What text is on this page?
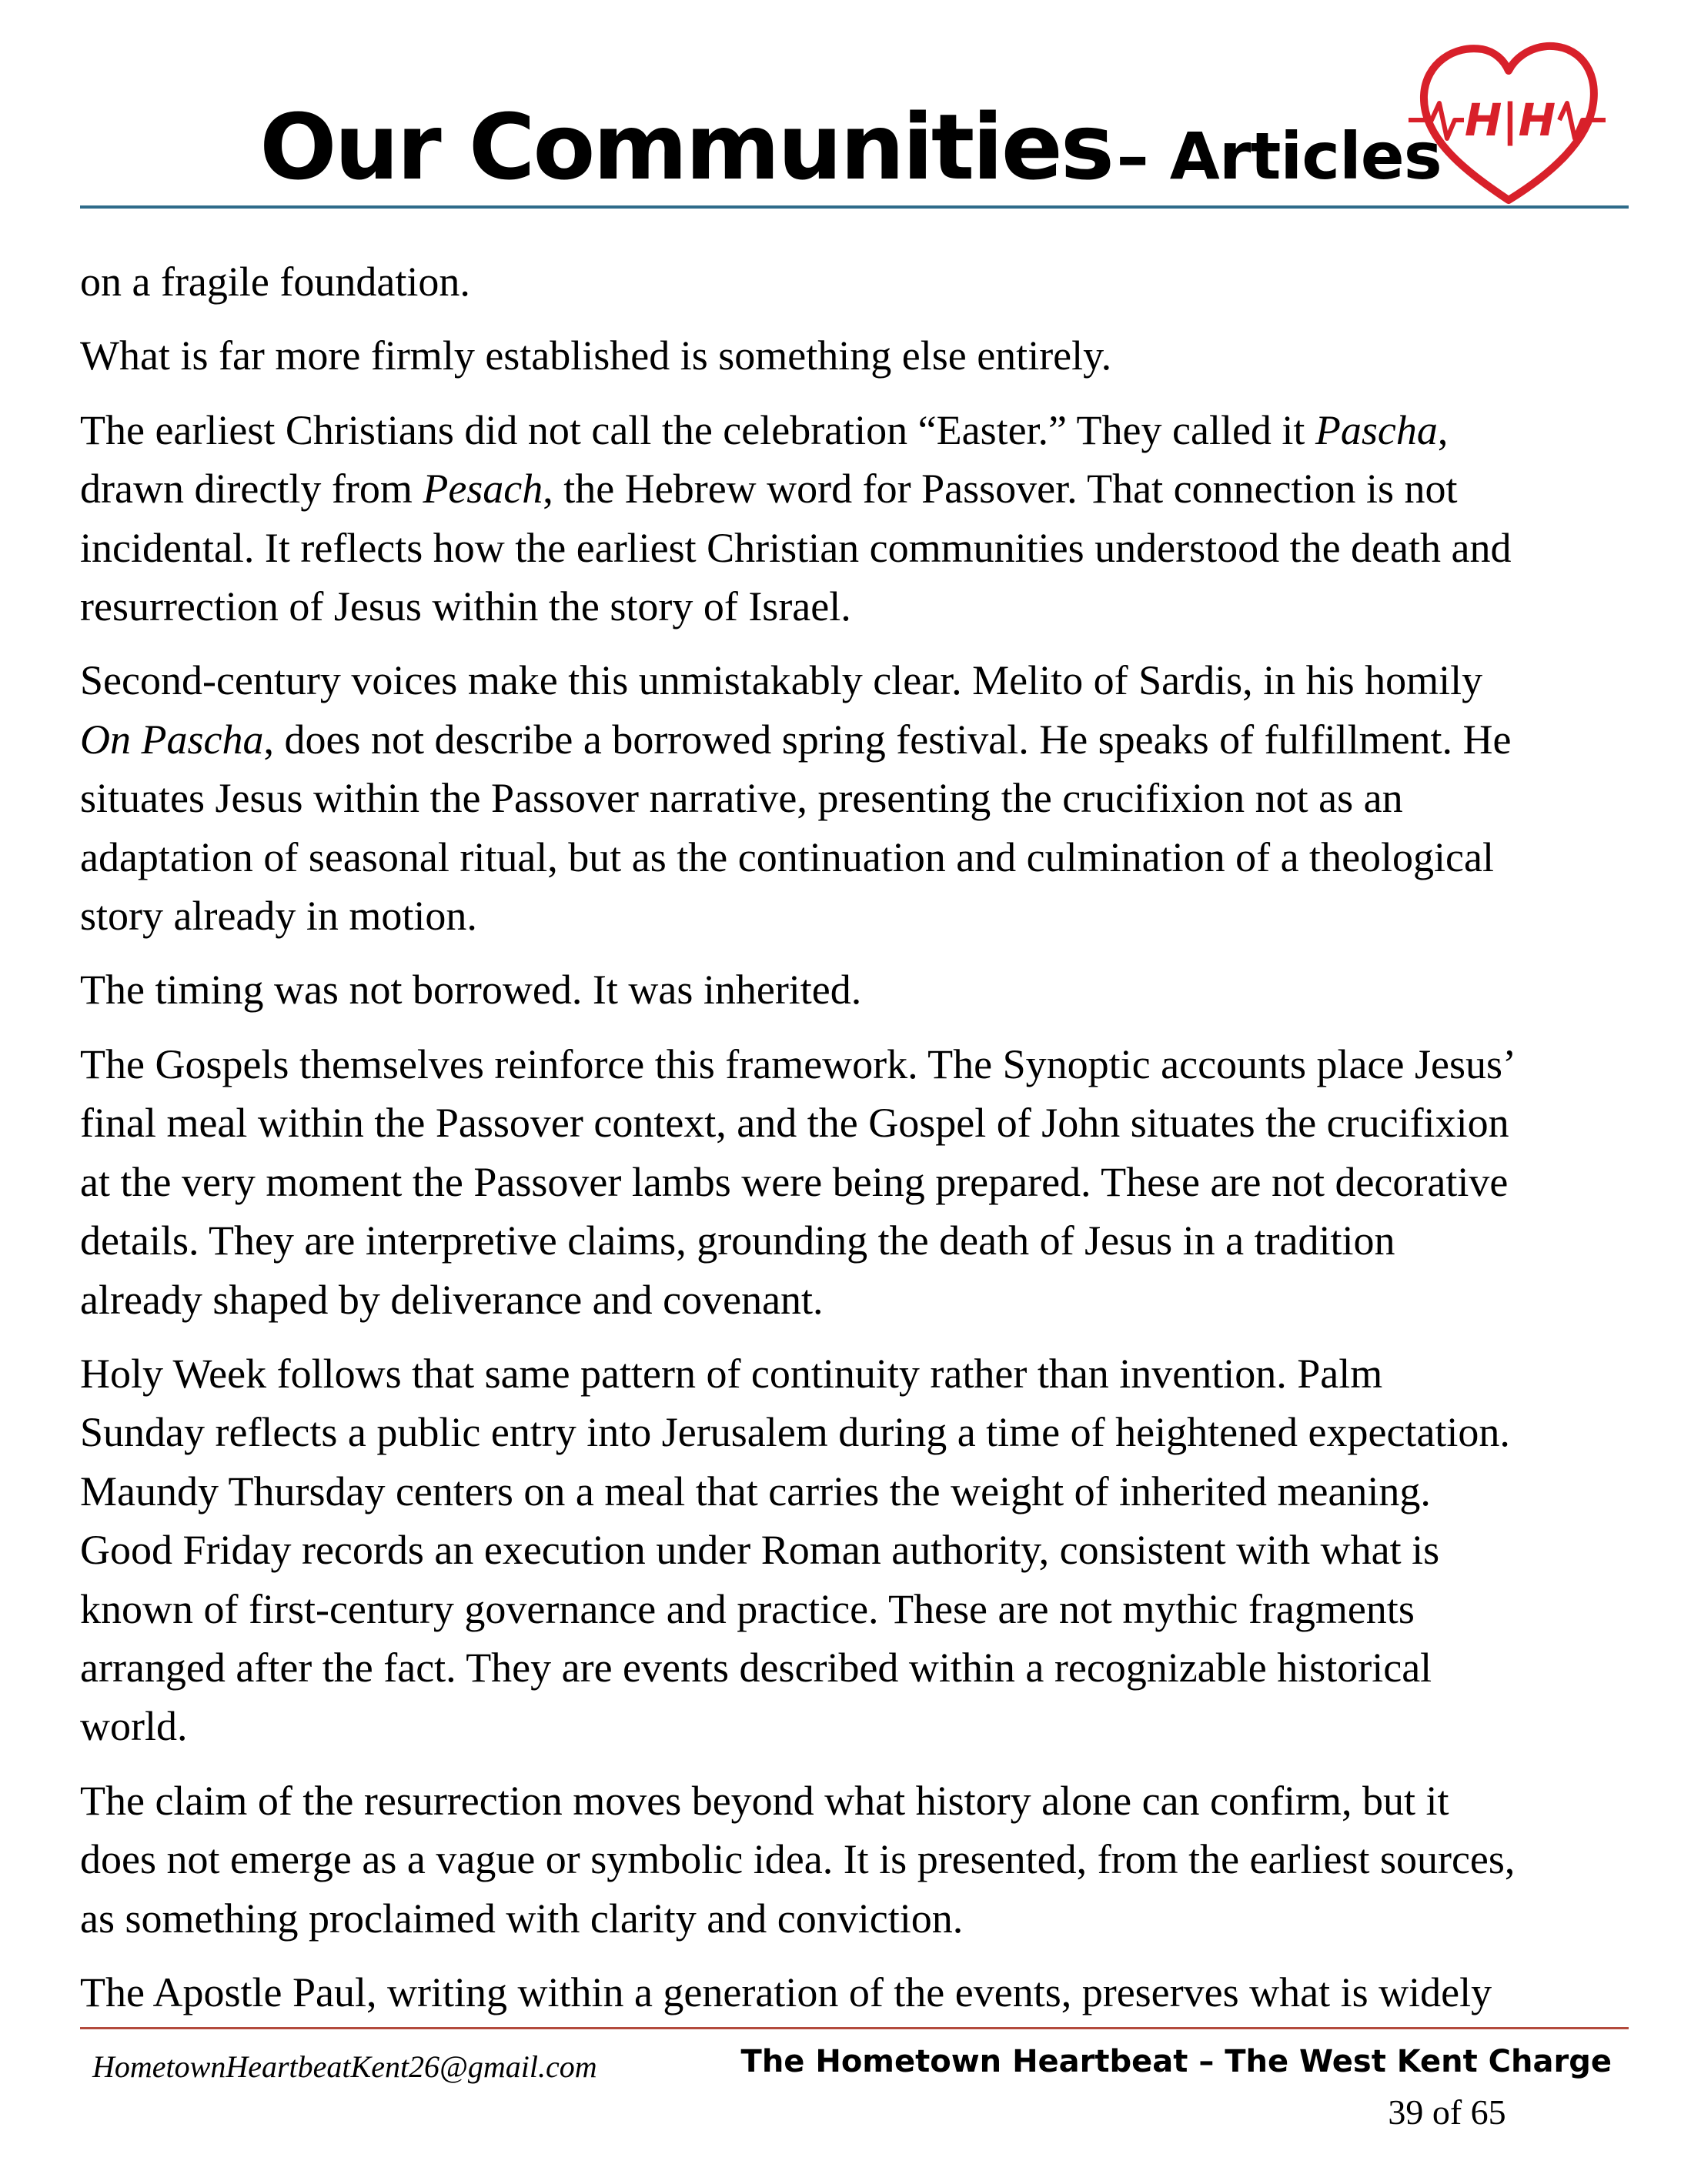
Our Communities – Articles H|H

on a fragile foundation.

What is far more firmly established is something else entirely.

The earliest Christians did not call the celebration “Easter.” They called it Pascha,
drawn directly from Pesach, the Hebrew word for Passover. That connection is not
incidental. It reflects how the earliest Christian communities understood the death and
resurrection of Jesus within the story of Israel.

Second-century voices make this unmistakably clear. Melito of Sardis, in his homily
On Pascha, does not describe a borrowed spring festival. He speaks of fulfillment. He
situates Jesus within the Passover narrative, presenting the crucifixion not as an
adaptation of seasonal ritual, but as the continuation and culmination of a theological
story already in motion.

The timing was not borrowed. It was inherited.

The Gospels themselves reinforce this framework. The Synoptic accounts place Jesus’
final meal within the Passover context, and the Gospel of John situates the crucifixion
at the very moment the Passover lambs were being prepared. These are not decorative
details. They are interpretive claims, grounding the death of Jesus in a tradition
already shaped by deliverance and covenant.

Holy Week follows that same pattern of continuity rather than invention. Palm
Sunday reflects a public entry into Jerusalem during a time of heightened expectation.
Maundy Thursday centers on a meal that carries the weight of inherited meaning.
Good Friday records an execution under Roman authority, consistent with what is
known of first-century governance and practice. These are not mythic fragments
arranged after the fact. They are events described within a recognizable historical
world.

The claim of the resurrection moves beyond what history alone can confirm, but it
does not emerge as a vague or symbolic idea. It is presented, from the earliest sources,
as something proclaimed with clarity and conviction.

The Apostle Paul, writing within a generation of the events, preserves what is widely

HometownHeartbeatKent26@gmail.com	The Hometown Heartbeat – The West Kent Charge
39 of 65
